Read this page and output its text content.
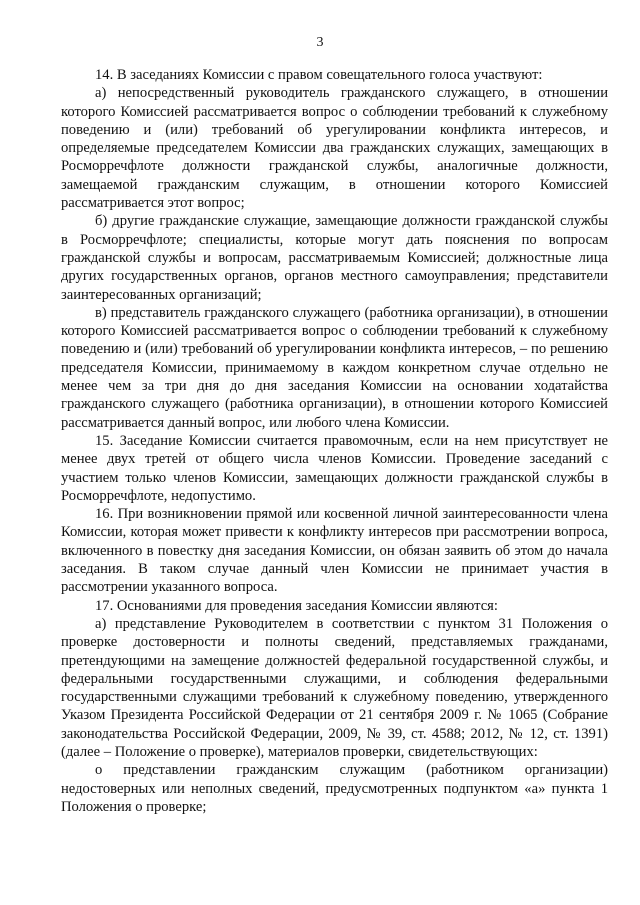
3

14. В заседаниях Комиссии с правом совещательного голоса участвуют:

а) непосредственный руководитель гражданского служащего, в отношении которого Комиссией рассматривается вопрос о соблюдении требований к служебному поведению и (или) требований об урегулировании конфликта интересов, и определяемые председателем Комиссии два гражданских служащих, замещающих в Росморречфлоте должности гражданской службы, аналогичные должности, замещаемой гражданским служащим, в отношении которого Комиссией рассматривается этот вопрос;

б) другие гражданские служащие, замещающие должности гражданской службы в Росморречфлоте; специалисты, которые могут дать пояснения по вопросам гражданской службы и вопросам, рассматриваемым Комиссией; должностные лица других государственных органов, органов местного самоуправления; представители заинтересованных организаций;

в) представитель гражданского служащего (работника организации), в отношении которого Комиссией рассматривается вопрос о соблюдении требований к служебному поведению и (или) требований об урегулировании конфликта интересов, – по решению председателя Комиссии, принимаемому в каждом конкретном случае отдельно не менее чем за три дня до дня заседания Комиссии на основании ходатайства гражданского служащего (работника организации), в отношении которого Комиссией рассматривается данный вопрос, или любого члена Комиссии.

15. Заседание Комиссии считается правомочным, если на нем присутствует не менее двух третей от общего числа членов Комиссии. Проведение заседаний с участием только членов Комиссии, замещающих должности гражданской службы в Росморречфлоте, недопустимо.

16. При возникновении прямой или косвенной личной заинтересованности члена Комиссии, которая может привести к конфликту интересов при рассмотрении вопроса, включенного в повестку дня заседания Комиссии, он обязан заявить об этом до начала заседания. В таком случае данный член Комиссии не принимает участия в рассмотрении указанного вопроса.

17. Основаниями для проведения заседания Комиссии являются:

а) представление Руководителем в соответствии с пунктом 31 Положения о проверке достоверности и полноты сведений, представляемых гражданами, претендующими на замещение должностей федеральной государственной службы, и федеральными государственными служащими, и соблюдения федеральными государственными служащими требований к служебному поведению, утвержденного Указом Президента Российской Федерации от 21 сентября 2009 г. № 1065 (Собрание законодательства Российской Федерации, 2009, № 39, ст. 4588; 2012, № 12, ст. 1391) (далее – Положение о проверке), материалов проверки, свидетельствующих:

о представлении гражданским служащим (работником организации) недостоверных или неполных сведений, предусмотренных подпунктом «а» пункта 1 Положения о проверке;
